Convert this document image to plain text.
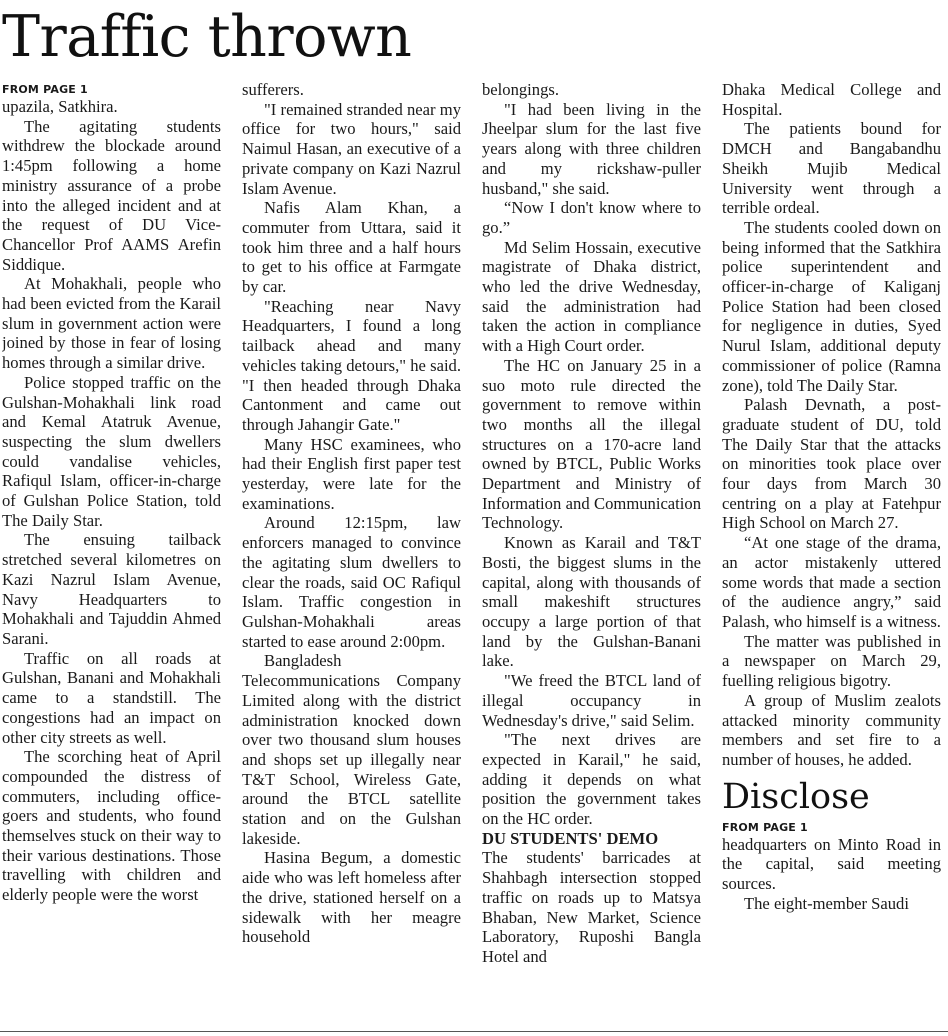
Traffic thrown
FROM PAGE 1

upazila, Satkhira.

The agitating students withdrew the blockade around 1:45pm following a home ministry assurance of a probe into the alleged incident and at the request of DU Vice-Chancellor Prof AAMS Arefin Siddique.

At Mohakhali, people who had been evicted from the Karail slum in government action were joined by those in fear of losing homes through a similar drive.

Police stopped traffic on the Gulshan-Mohakhali link road and Kemal Atatruk Avenue, suspecting the slum dwellers could vandalise vehicles, Rafiqul Islam, officer-in-charge of Gulshan Police Station, told The Daily Star.

The ensuing tailback stretched several kilometres on Kazi Nazrul Islam Avenue, Navy Headquarters to Mohakhali and Tajuddin Ahmed Sarani.

Traffic on all roads at Gulshan, Banani and Mohakhali came to a standstill. The congestions had an impact on other city streets as well.

The scorching heat of April compounded the distress of commuters, including office-goers and students, who found themselves stuck on their way to their various destinations. Those travelling with children and elderly people were the worst

sufferers.

"I remained stranded near my office for two hours," said Naimul Hasan, an executive of a private company on Kazi Nazrul Islam Avenue.

Nafis Alam Khan, a commuter from Uttara, said it took him three and a half hours to get to his office at Farmgate by car.

"Reaching near Navy Headquarters, I found a long tailback ahead and many vehicles taking detours," he said. "I then headed through Dhaka Cantonment and came out through Jahangir Gate."

Many HSC examinees, who had their English first paper test yesterday, were late for the examinations.

Around 12:15pm, law enforcers managed to convince the agitating slum dwellers to clear the roads, said OC Rafiqul Islam. Traffic congestion in Gulshan-Mohakhali areas started to ease around 2:00pm.

Bangladesh Telecommunications Company Limited along with the district administration knocked down over two thousand slum houses and shops set up illegally near T&T School, Wireless Gate, around the BTCL satellite station and on the Gulshan lakeside.

Hasina Begum, a domestic aide who was left homeless after the drive, stationed herself on a sidewalk with her meagre household

belongings.

"I had been living in the Jheelpar slum for the last five years along with three children and my rickshaw-puller husband," she said.

“Now I don't know where to go.”

Md Selim Hossain, executive magistrate of Dhaka district, who led the drive Wednesday, said the administration had taken the action in compliance with a High Court order.

The HC on January 25 in a suo moto rule directed the government to remove within two months all the illegal structures on a 170-acre land owned by BTCL, Public Works Department and Ministry of Information and Communication Technology.

Known as Karail and T&T Bosti, the biggest slums in the capital, along with thousands of small makeshift structures occupy a large portion of that land by the Gulshan-Banani lake.

"We freed the BTCL land of illegal occupancy in Wednesday's drive," said Selim.

"The next drives are expected in Karail," he said, adding it depends on what position the government takes on the HC order.

DU STUDENTS' DEMO

The students' barricades at Shahbagh intersection stopped traffic on roads up to Matsya Bhaban, New Market, Science Laboratory, Ruposhi Bangla Hotel and

Dhaka Medical College and Hospital.

The patients bound for DMCH and Bangabandhu Sheikh Mujib Medical University went through a terrible ordeal.

The students cooled down on being informed that the Satkhira police superintendent and officer-in-charge of Kaliganj Police Station had been closed for negligence in duties, Syed Nurul Islam, additional deputy commissioner of police (Ramna zone), told The Daily Star.

Palash Devnath, a post-graduate student of DU, told The Daily Star that the attacks on minorities took place over four days from March 30 centring on a play at Fatehpur High School on March 27.

“At one stage of the drama, an actor mistakenly uttered some words that made a section of the audience angry,” said Palash, who himself is a witness.

The matter was published in a newspaper on March 29, fuelling religious bigotry.

A group of Muslim zealots attacked minority community members and set fire to a number of houses, he added.

Disclose
FROM PAGE 1

headquarters on Minto Road in the capital, said meeting sources.

The eight-member Saudi
